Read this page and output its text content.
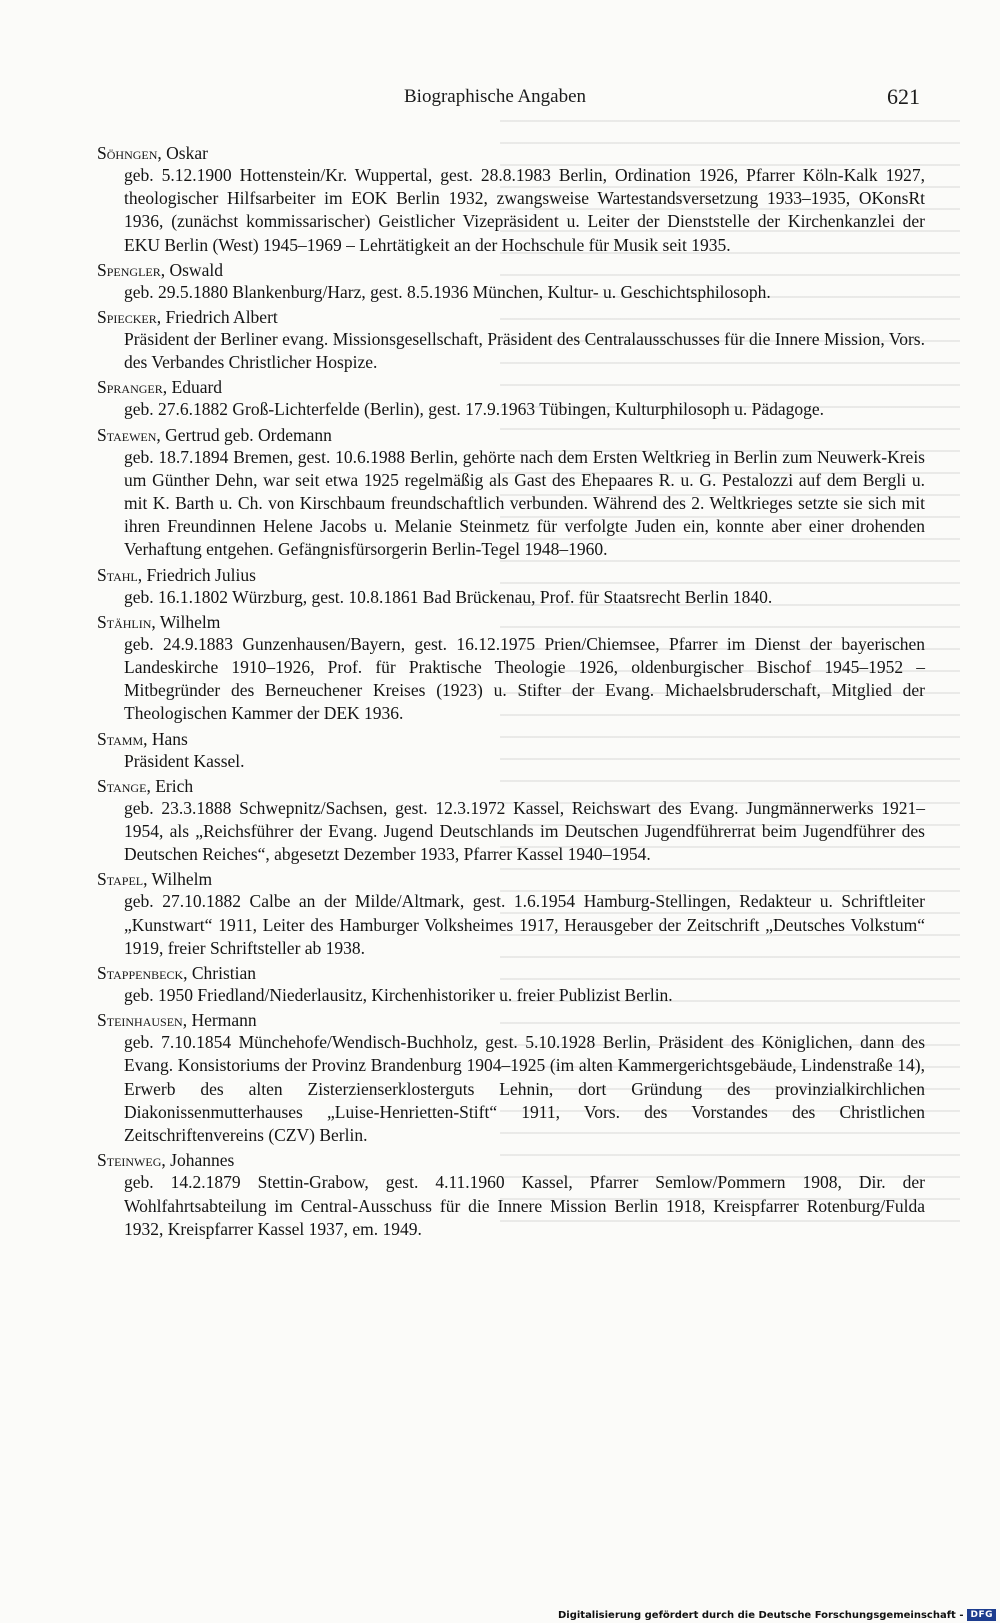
Biographische Angaben	621
Söhngen, Oskar
geb. 5.12.1900 Hottenstein/Kr. Wuppertal, gest. 28.8.1983 Berlin, Ordination 1926, Pfarrer Köln-Kalk 1927, theologischer Hilfsarbeiter im EOK Berlin 1932, zwangsweise Wartestandsversetzung 1933–1935, OKonsRt 1936, (zunächst kommissarischer) Geistlicher Vizepräsident u. Leiter der Dienststelle der Kirchenkanzlei der EKU Berlin (West) 1945–1969 – Lehrtätigkeit an der Hochschule für Musik seit 1935.
Spengler, Oswald
geb. 29.5.1880 Blankenburg/Harz, gest. 8.5.1936 München, Kultur- u. Geschichtsphilosoph.
Spiecker, Friedrich Albert
Präsident der Berliner evang. Missionsgesellschaft, Präsident des Centralausschusses für die Innere Mission, Vors. des Verbandes Christlicher Hospize.
Spranger, Eduard
geb. 27.6.1882 Groß-Lichterfelde (Berlin), gest. 17.9.1963 Tübingen, Kulturphilosoph u. Pädagoge.
Staewen, Gertrud geb. Ordemann
geb. 18.7.1894 Bremen, gest. 10.6.1988 Berlin, gehörte nach dem Ersten Weltkrieg in Berlin zum Neuwerk-Kreis um Günther Dehn, war seit etwa 1925 regelmäßig als Gast des Ehepaares R. u. G. Pestalozzi auf dem Bergli u. mit K. Barth u. Ch. von Kirschbaum freundschaftlich verbunden. Während des 2. Weltkrieges setzte sie sich mit ihren Freundinnen Helene Jacobs u. Melanie Steinmetz für verfolgte Juden ein, konnte aber einer drohenden Verhaftung entgehen. Gefängnisfürsorgerin Berlin-Tegel 1948–1960.
Stahl, Friedrich Julius
geb. 16.1.1802 Würzburg, gest. 10.8.1861 Bad Brückenau, Prof. für Staatsrecht Berlin 1840.
Stählin, Wilhelm
geb. 24.9.1883 Gunzenhausen/Bayern, gest. 16.12.1975 Prien/Chiemsee, Pfarrer im Dienst der bayerischen Landeskirche 1910–1926, Prof. für Praktische Theologie 1926, oldenburgischer Bischof 1945–1952 – Mitbegründer des Berneuchener Kreises (1923) u. Stifter der Evang. Michaelsbruderschaft, Mitglied der Theologischen Kammer der DEK 1936.
Stamm, Hans
Präsident Kassel.
Stange, Erich
geb. 23.3.1888 Schwepnitz/Sachsen, gest. 12.3.1972 Kassel, Reichswart des Evang. Jungmännerwerks 1921–1954, als „Reichsführer der Evang. Jugend Deutschlands im Deutschen Jugendführerrat beim Jugendführer des Deutschen Reiches“, abgesetzt Dezember 1933, Pfarrer Kassel 1940–1954.
Stapel, Wilhelm
geb. 27.10.1882 Calbe an der Milde/Altmark, gest. 1.6.1954 Hamburg-Stellingen, Redakteur u. Schriftleiter „Kunstwart“ 1911, Leiter des Hamburger Volksheimes 1917, Herausgeber der Zeitschrift „Deutsches Volkstum“ 1919, freier Schriftsteller ab 1938.
Stappenbeck, Christian
geb. 1950 Friedland/Niederlausitz, Kirchenhistoriker u. freier Publizist Berlin.
Steinhausen, Hermann
geb. 7.10.1854 Münchehofe/Wendisch-Buchholz, gest. 5.10.1928 Berlin, Präsident des Königlichen, dann des Evang. Konsistoriums der Provinz Brandenburg 1904–1925 (im alten Kammergerichtsgebäude, Lindenstraße 14), Erwerb des alten Zisterzienserklosterguts Lehnin, dort Gründung des provinzialkirchlichen Diakonissenmutterhauses „Luise-Henrietten-Stift“ 1911, Vors. des Vorstandes des Christlichen Zeitschriftenvereins (CZV) Berlin.
Steinweg, Johannes
geb. 14.2.1879 Stettin-Grabow, gest. 4.11.1960 Kassel, Pfarrer Semlow/Pommern 1908, Dir. der Wohlfahrtsabteilung im Central-Ausschuss für die Innere Mission Berlin 1918, Kreispfarrer Rotenburg/Fulda 1932, Kreispfarrer Kassel 1937, em. 1949.
Digitalisierung gefördert durch die Deutsche Forschungsgemeinschaft - DFG
